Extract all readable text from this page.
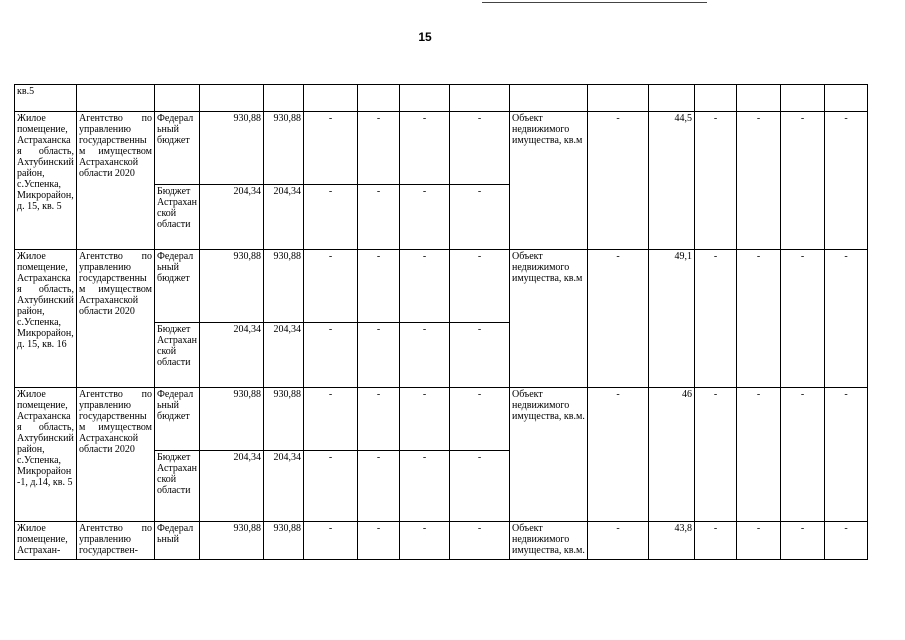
15
кв.5															
Жилое помещение, Астраханская область, Ахтубинский район, с.Успенка, Микрорайон, д. 15, кв. 5	Агентство по управлению государственным имуществом Астраханской области 2020	Федеральный бюджет	930,88	930,88	-	-	-	-	Объект недвижимого имущества, кв.м	-	44,5	-	-	-	-
		Бюджет Астраханской области	204,34	204,34	-	-	-	-							
Жилое помещение, Астраханская область, Ахтубинский район, с.Успенка, Микрорайон, д. 15, кв. 16	Агентство по управлению государственным имуществом Астраханской области 2020	Федеральный бюджет	930,88	930,88	-	-	-	-	Объект недвижимого имущества, кв.м	-	49,1	-	-	-	-
		Бюджет Астраханской области	204,34	204,34	-	-	-	-							
Жилое помещение, Астраханская область, Ахтубинский район, с.Успенка, Микрорайон-1, д.14, кв. 5	Агентство по управлению государственным имуществом Астраханской области 2020	Федеральный бюджет	930,88	930,88	-	-	-	-	Объект недвижимого имущества, кв.м.	-	46	-	-	-	-
		Бюджет Астраханской области	204,34	204,34	-	-	-	-							
Жилое помещение, Астрахан-	Агентство по управлению государствен-	Федеральный	930,88	930,88	-	-	-	-	Объект недвижимого имущества, кв.м.	-	43,8	-	-	-	-
